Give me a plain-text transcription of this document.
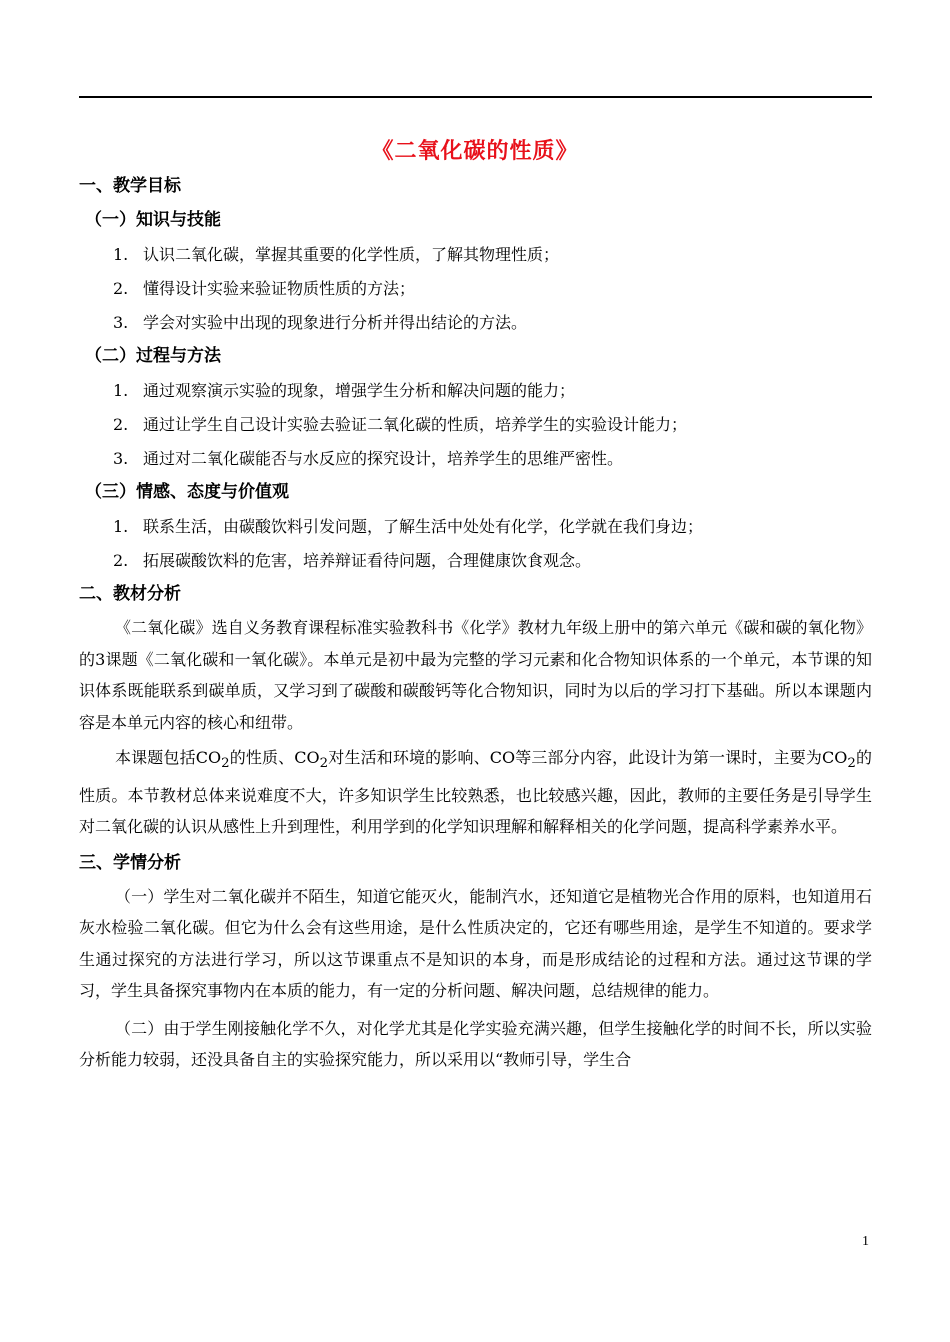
《二氧化碳的性质》
一、教学目标
（一）知识与技能
1. 认识二氧化碳，掌握其重要的化学性质，了解其物理性质；
2. 懂得设计实验来验证物质性质的方法；
3. 学会对实验中出现的现象进行分析并得出结论的方法。
（二）过程与方法
1. 通过观察演示实验的现象，增强学生分析和解决问题的能力；
2. 通过让学生自己设计实验去验证二氧化碳的性质，培养学生的实验设计能力；
3. 通过对二氧化碳能否与水反应的探究设计，培养学生的思维严密性。
（三）情感、态度与价值观
1. 联系生活，由碳酸饮料引发问题，了解生活中处处有化学，化学就在我们身边；
2. 拓展碳酸饮料的危害，培养辩证看待问题，合理健康饮食观念。
二、教材分析
《二氧化碳》选自义务教育课程标准实验教科书《化学》教材九年级上册中的第六单元《碳和碳的氧化物》的3课题《二氧化碳和一氧化碳》。本单元是初中最为完整的学习元素和化合物知识体系的一个单元，本节课的知识体系既能联系到碳单质，又学习到了碳酸和碳酸钙等化合物知识，同时为以后的学习打下基础。所以本课题内容是本单元内容的核心和纽带。
本课题包括$CO_2$的性质、$CO_2$对生活和环境的影响、CO等三部分内容，此设计为第一课时，主要为$CO_2$的性质。本节教材总体来说难度不大，许多知识学生比较熟悉，也比较感兴趣，因此，教师的主要任务是引导学生对二氧化碳的认识从感性上升到理性，利用学到的化学知识理解和解释相关的化学问题，提高科学素养水平。
三、学情分析
（一）学生对二氧化碳并不陌生，知道它能灭火，能制汽水，还知道它是植物光合作用的原料，也知道用石灰水检验二氧化碳。但它为什么会有这些用途，是什么性质决定的，它还有哪些用途，是学生不知道的。要求学生通过探究的方法进行学习，所以这节课重点不是知识的本身，而是形成结论的过程和方法。通过这节课的学习，学生具备探究事物内在本质的能力，有一定的分析问题、解决问题，总结规律的能力。
（二）由于学生刚接触化学不久，对化学尤其是化学实验充满兴趣，但学生接触化学的时间不长，所以实验分析能力较弱，还没具备自主的实验探究能力，所以采用以“教师引导，学生合
1
